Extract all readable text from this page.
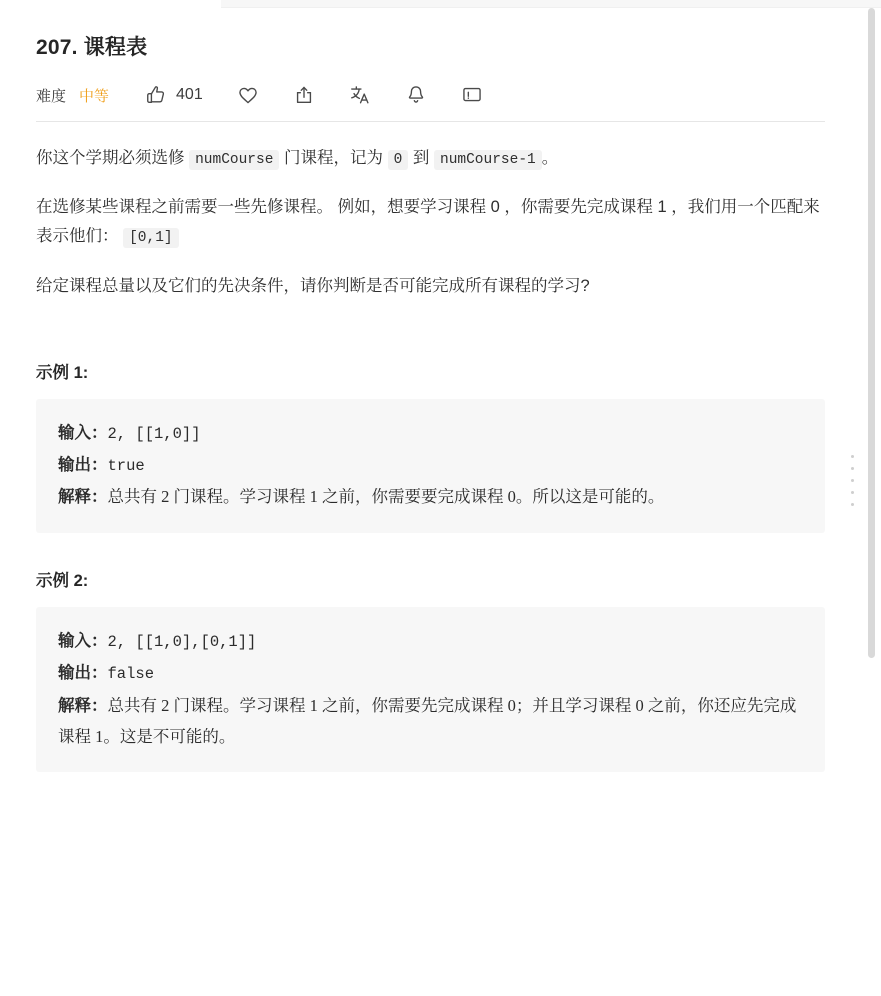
207. 课程表
难度 中等	401

你这个学期必须选修 numCourse 门课程，记为 0 到 numCourse-1 。

在选修某些课程之前需要一些先修课程。 例如，想要学习课程 0 ，你需要先完成课程 1 ，我们用一个匹配来表示他们： [0,1]

给定课程总量以及它们的先决条件，请你判断是否可能完成所有课程的学习?

示例 1:
输入：2, [[1,0]]
输出：true
解释：总共有 2 门课程。学习课程 1 之前，你需要要完成课程 0。所以这是可能的。
示例 2:
输入：2, [[1,0],[0,1]]
输出：false
解释：总共有 2 门课程。学习课程 1 之前，你需要先完成课程 0；并且学习课程 0 之前，你还应先完成课程 1。这是不可能的。
